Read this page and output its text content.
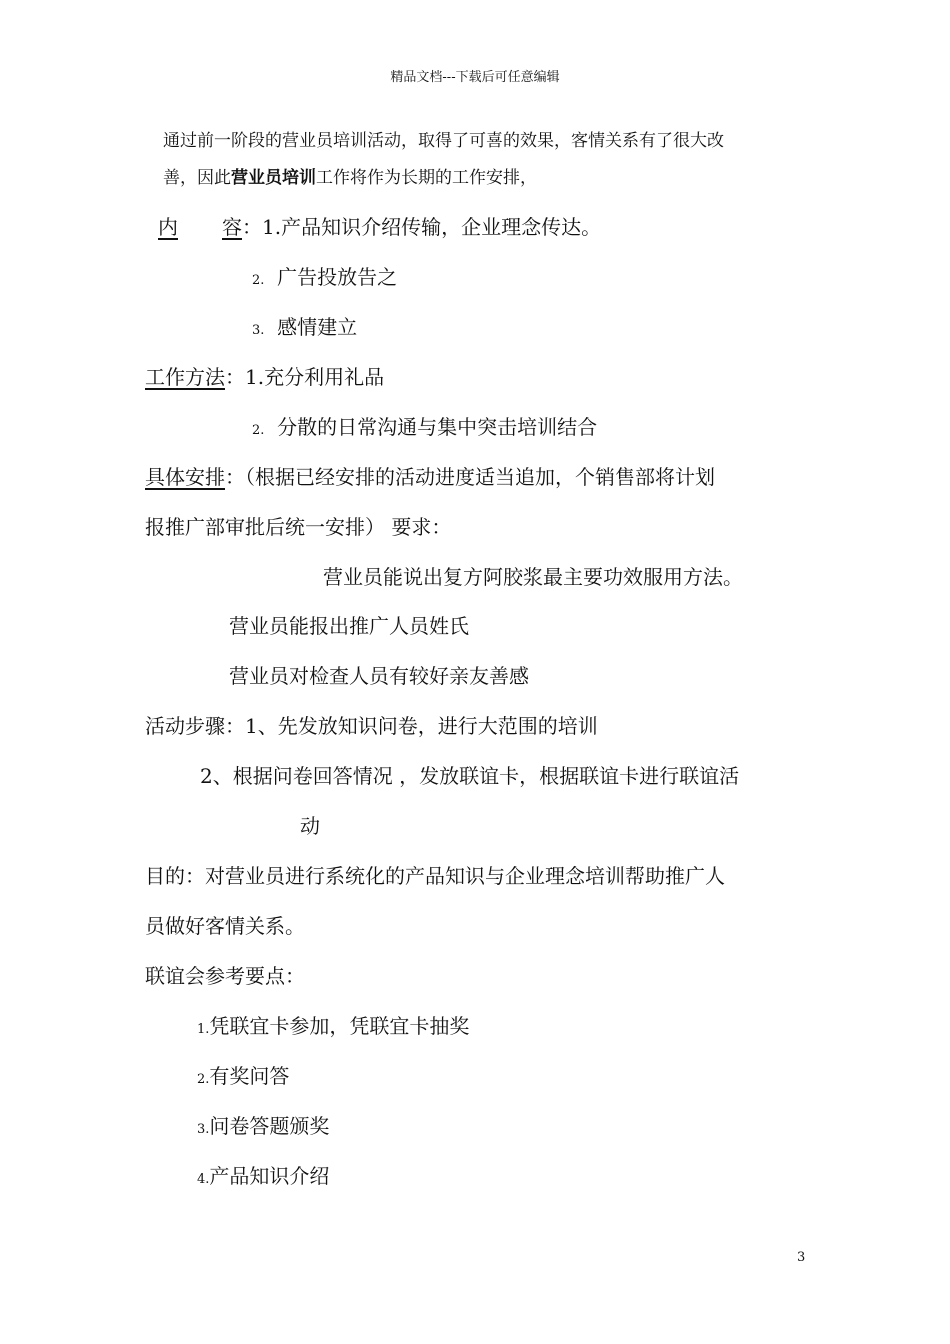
精品文档---下载后可任意编辑
通过前一阶段的营业员培训活动，取得了可喜的效果，客情关系有了很大改
善，因此营业员培训工作将作为长期的工作安排，
内 容：1.产品知识介绍传输，企业理念传达。
2. 广告投放告之
3. 感情建立
工作方法：1.充分利用礼品
2. 分散的日常沟通与集中突击培训结合
具体安排：（根据已经安排的活动进度适当追加，个销售部将计划
报推广部审批后统一安排） 要求：
营业员能说出复方阿胶浆最主要功效服用方法。
营业员能报出推广人员姓氏
营业员对检查人员有较好亲友善感
活动步骤：1、先发放知识问卷，进行大范围的培训
2、根据问卷回答情况 ，发放联谊卡，根据联谊卡进行联谊活
动
目的：对营业员进行系统化的产品知识与企业理念培训帮助推广人
员做好客情关系。
联谊会参考要点：
1.凭联宜卡参加，凭联宜卡抽奖
2.有奖问答
3.问卷答题颁奖
4.产品知识介绍
3
